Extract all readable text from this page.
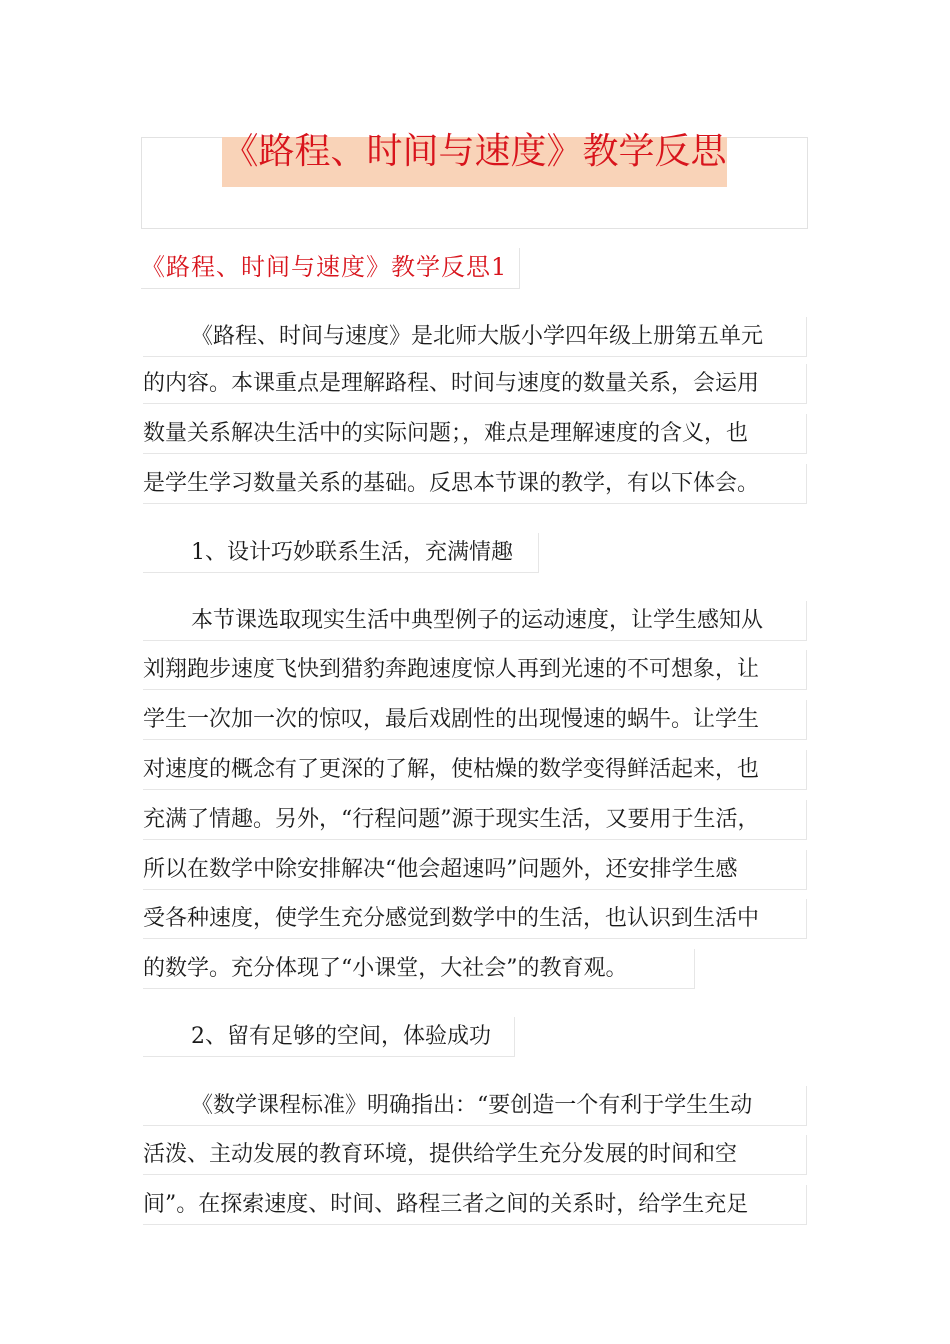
《路程、时间与速度》教学反思
《路程、时间与速度》教学反思1
《路程、时间与速度》是北师大版小学四年级上册第五单元
的内容。本课重点是理解路程、时间与速度的数量关系，会运用
数量关系解决生活中的实际问题；，难点是理解速度的含义，也
是学生学习数量关系的基础。反思本节课的教学，有以下体会。
1、设计巧妙联系生活，充满情趣
本节课选取现实生活中典型例子的运动速度，让学生感知从
刘翔跑步速度飞快到猎豹奔跑速度惊人再到光速的不可想象，让
学生一次加一次的惊叹，最后戏剧性的出现慢速的蜗牛。让学生
对速度的概念有了更深的了解，使枯燥的数学变得鲜活起来，也
充满了情趣。另外，“行程问题”源于现实生活，又要用于生活，
所以在数学中除安排解决“他会超速吗”问题外，还安排学生感
受各种速度，使学生充分感觉到数学中的生活，也认识到生活中
的数学。充分体现了“小课堂，大社会”的教育观。
2、留有足够的空间，体验成功
《数学课程标准》明确指出：“要创造一个有利于学生生动
活泼、主动发展的教育环境，提供给学生充分发展的时间和空
间”。在探索速度、时间、路程三者之间的关系时，给学生充足
